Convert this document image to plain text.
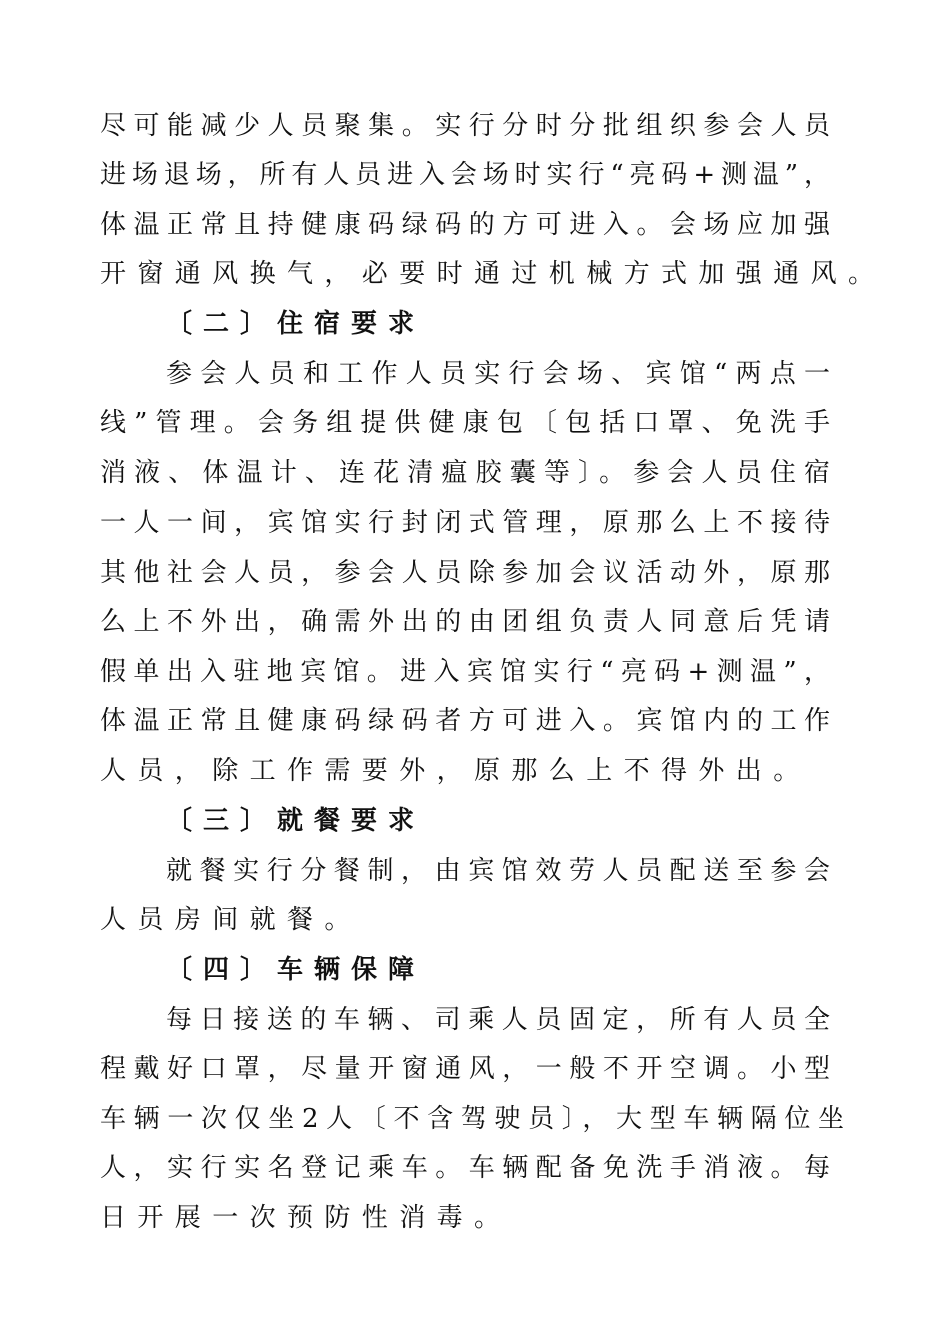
尽可能减少人员聚集。实行分时分批组织参会人员
进场退场，所有人员进入会场时实行“亮码+测温”，
体温正常且持健康码绿码的方可进入。会场应加强
开窗通风换气，必要时通过机械方式加强通风。
〔二〕住宿要求
参会人员和工作人员实行会场、宾馆“两点一
线”管理。会务组提供健康包〔包括口罩、免洗手
消液、体温计、连花清瘟胶囊等〕。参会人员住宿
一人一间，宾馆实行封闭式管理，原那么上不接待
其他社会人员，参会人员除参加会议活动外，原那
么上不外出，确需外出的由团组负责人同意后凭请
假单出入驻地宾馆。进入宾馆实行“亮码+测温”，
体温正常且健康码绿码者方可进入。宾馆内的工作
人员，除工作需要外，原那么上不得外出。
〔三〕就餐要求
就餐实行分餐制，由宾馆效劳人员配送至参会
人员房间就餐。
〔四〕车辆保障
每日接送的车辆、司乘人员固定，所有人员全
程戴好口罩，尽量开窗通风，一般不开空调。小型
车辆一次仅坐2人〔不含驾驶员〕，大型车辆隔位坐
人，实行实名登记乘车。车辆配备免洗手消液。每
日开展一次预防性消毒。
